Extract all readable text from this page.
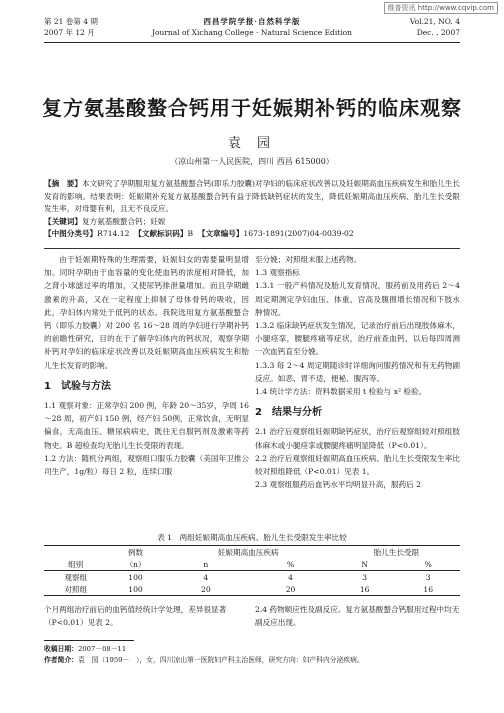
维普资讯 http://www.cqvip.com
第 21 卷第 4 期
2007 年 12 月
西昌学院学报·自然科学版
Journal of Xichang College · Natural Science Edition
Vol.21, NO. 4
Dec. , 2007
复方氨基酸螯合钙用于妊娠期补钙的临床观察
袁 园
（凉山州第一人民医院，四川 西昌 615000）

【摘　要】本文研究了孕期服用复方氨基酸螯合钙(即乐力胶囊)对孕妇的临床症状改善以及妊娠期高血压疾病发生和胎儿生长发育的影响。结果表明：妊娠期补充复方氨基酸螯合钙有益于降低缺钙症状的发生，降低妊娠期高血压疾病、胎儿生长受限发生率，对母婴有利，且无不良反应。

【关键词】复方氨基酸螯合钙；妊娠

【中图分类号】R714.12 【文献标识码】B 【文章编号】1673-1891(2007)04-0039-02

由于妊娠期特殊的生理需要，妊娠妇女的需要量明显增加。同时孕期由于血容量的变化使血钙的浓度相对降低，加之肾小球滤过率的增加，又使尿钙排泄量增加。而且孕期雌激素的升高，又在一定程度上抑制了母体骨钙的吸收，因此，孕妇体内常处于低钙的状态。我院选用复方氨基酸螯合钙（即乐力胶囊）对 200 名 16～28 周的孕妇进行孕期补钙的前瞻性研究，目的在于了解孕妇体内的钙状况，观察孕期补钙对孕妇的临床症状改善以及妊娠期高血压疾病发生和胎儿生长发育的影响。

1　试验与方法

1.1 观察对象：正常孕妇 200 例，年龄 20～35岁，孕周 16～28 周，初产妇 150 例，经产妇 50例，正常饮食，无明显偏食，无高血压、糖尿病病史，既往无自服钙剂及激素等药物史。B 超检查均无胎儿生长受限的表现。

1.2 方法：随机分两组，观察组口服乐力胶囊（美国年卫推公司生产，1g/粒）每日 2 粒，连续口服

至分娩；对照组未服上述药物。

1.3 观察指标

1.3.1 一般产科情况及胎儿发育情况，服药前及用药后 2～4 周定期测定孕妇血压、体重、宫高及腹围增长情况和下肢水肿情况。

1.3.2 临床缺钙症状发生情况，记录治疗前后出现肢体麻木，小腿痉挛，腰腿疼痛等症状，治疗前查血钙，以后每四周测一次血钙直至分娩。

1.3.3 每 2～4 周定期随诊时详细询问服药情况和有无药物副反应。如恶、胃不适，便秘、腹泻等。

1.4 统计学方法：资料数据采用 t 检验与 x² 检验。

2　结果与分析

2.1 治疗后观察组妊娠期缺钙症状，治疗后观察组较对照组肢体麻木或小腿痉挛或腰腿疼痛明显降低（P<0.01）。

2.2 治疗后观察组妊娠期高血压疾病、胎儿生长受限发生率比较对照组降低（P<0.01）见表 1。

2.3 观察组服药后血钙水平均明显升高，服药后 2

表 1　两组妊娠期高血压疾病、胎儿生长受限发生率比较
	例数	妊娠期高血压疾病		胎儿生长受限	
组别	（n）	n	%	N	%
观察组	100	4	4	3	3
对照组	100	20	20	16	16
个月两组治疗前后的血钙值经统计学处理，差异很显著（P<0.01）见表 2。
2.4 药物顺应性及副反应。复方氨基酸螯合钙服用过程中均无副反应出现。
收稿日期：2007－08－11
作者简介：袁　园（1959－　），女，四川凉山第一医院妇产科主治医师，研究方向：妇产科内分泌疾病。
